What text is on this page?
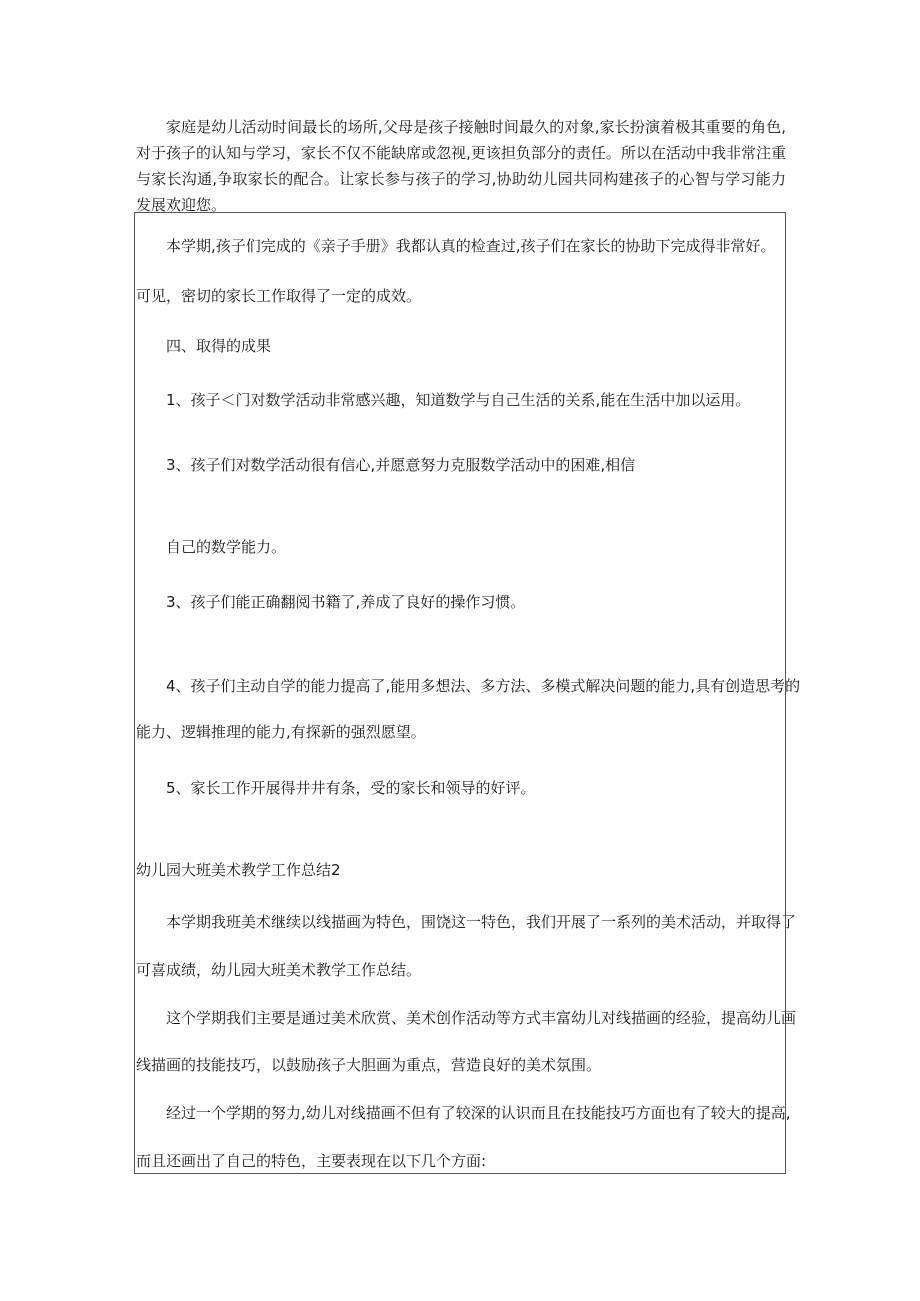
家庭是幼儿活动时间最长的场所,父母是孩子接触时间最久的对象,家长扮演着极其重要的角色,对于孩子的认知与学习，家长不仅不能缺席或忽视,更该担负部分的责任。所以在活动中我非常注重与家长沟通,争取家长的配合。让家长参与孩子的学习,协助幼儿园共同构建孩子的心智与学习能力发展欢迎您。

本学期,孩子们完成的《亲子手册》我都认真的检查过,孩子们在家长的协助下完成得非常好。

可见，密切的家长工作取得了一定的成效。

四、取得的成果

1、孩子＜门对数学活动非常感兴趣，知道数学与自己生活的关系,能在生活中加以运用。

3、孩子们对数学活动很有信心,并愿意努力克服数学活动中的困难,相信

自己的数学能力。

3、孩子们能正确翻阅书籍了,养成了良好的操作习惯。

4、孩子们主动自学的能力提高了,能用多想法、多方法、多模式解决问题的能力,具有创造思考的

能力、逻辑推理的能力,有探新的强烈愿望。

5、家长工作开展得井井有条，受的家长和领导的好评。

幼儿园大班美术教学工作总结2

本学期我班美术继续以线描画为特色，围饶这一特色，我们开展了一系列的美术活动，并取得了

可喜成绩，幼儿园大班美术教学工作总结。

这个学期我们主要是通过美术欣赏、美术创作活动等方式丰富幼儿对线描画的经验，提高幼儿画

线描画的技能技巧，以鼓励孩子大胆画为重点，营造良好的美术氛围。

经过一个学期的努力,幼儿对线描画不但有了较深的认识而且在技能技巧方面也有了较大的提高,

而且还画出了自己的特色，主要表现在以下几个方面:
